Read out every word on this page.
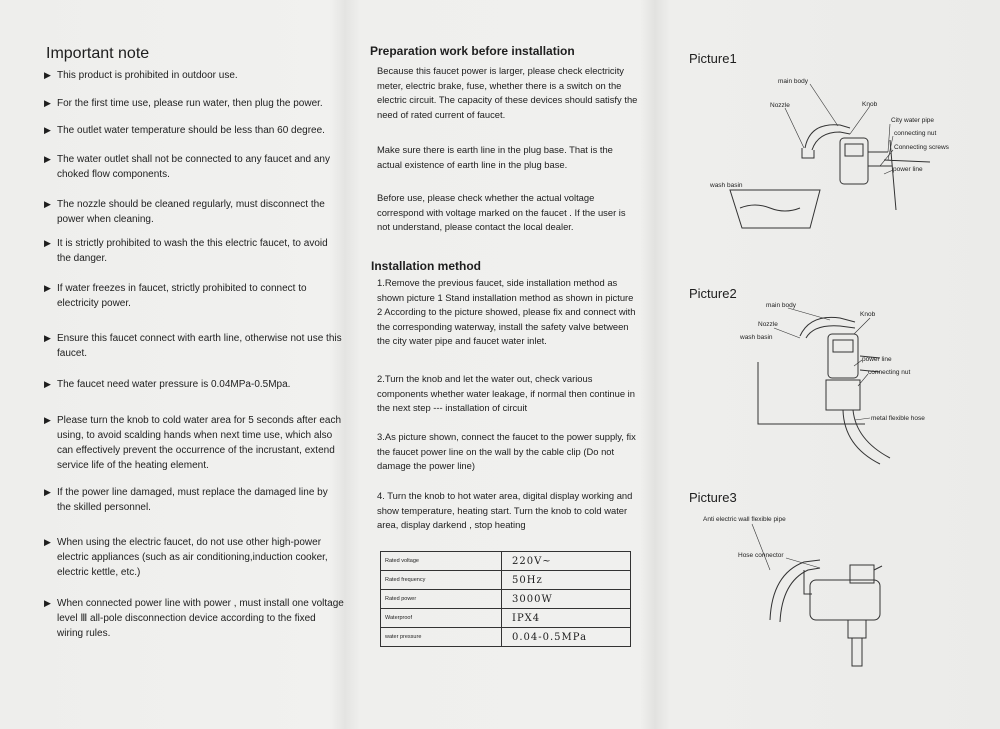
Important note
▶ This product is prohibited in outdoor use.
▶ For the first time use, please run water, then plug the power.
▶ The outlet water temperature should be less than 60 degree.
▶ The water outlet shall not be connected to any faucet and any choked flow components.
▶ The nozzle should be cleaned regularly, must disconnect the power when cleaning.
▶ It is strictly prohibited to wash the this electric faucet, to avoid the danger.
▶ If water freezes in faucet, strictly prohibited to connect to electricity power.
▶ Ensure this faucet connect with earth line, otherwise not use this faucet.
▶ The faucet need water pressure is 0.04MPa-0.5Mpa.
▶ Please turn the knob to cold water area for 5 seconds after each using, to avoid scalding hands when next time use, which also can effectively prevent the occurrence of the incrustant, extend service life of the heating element.
▶ If the power line damaged, must replace the damaged line by the skilled personnel.
▶ When using the electric faucet, do not use other high-power electric appliances (such as air conditioning,induction cooker, electric kettle, etc.)
▶ When connected power line with power , must install one voltage level Ⅲ all-pole disconnection device according to the fixed wiring rules.
Preparation work before installation
Because this faucet power is larger, please check electricity meter, electric brake, fuse, whether there is a switch on the electric circuit. The capacity of these devices should satisfy the need of rated current of faucet.
Make sure there is earth line in the plug base. That is the actual existence of earth line in the plug base.
Before use, please check whether the actual voltage correspond with voltage marked on the faucet . If the user is not understand, please contact the local dealer.
Installation method
1.Remove the previous faucet, side installation method as shown picture 1 Stand installation method as shown in picture 2 According to the picture showed, please fix and connect with the corresponding waterway, install the safety valve between the city water pipe and faucet water inlet.
2.Turn the knob and let the water out, check various components whether water leakage, if normal then continue in the next step --- installation of circuit
3.As picture shown, connect the faucet to the power supply, fix the faucet power line on the wall by the cable clip (Do not damage the power line)
4. Turn the knob to hot water area, digital display working and show temperature, heating start. Turn the knob to cold water area, display darkend , stop heating
Rated voltage	220V~
Rated frequency	50Hz
Rated power	3000W
Waterproof	IPX4
water pressure	0.04-0.5MPa
Picture1
main body
Nozzle	Knob
City water pipe
connecting nut
Connecting screws
power line
wash basin
Picture2
main body
Nozzle
wash basin
Knob
power line
connecting nut
metal flexible hose
Picture3
Anti electric wall flexible pipe
Hose connector
